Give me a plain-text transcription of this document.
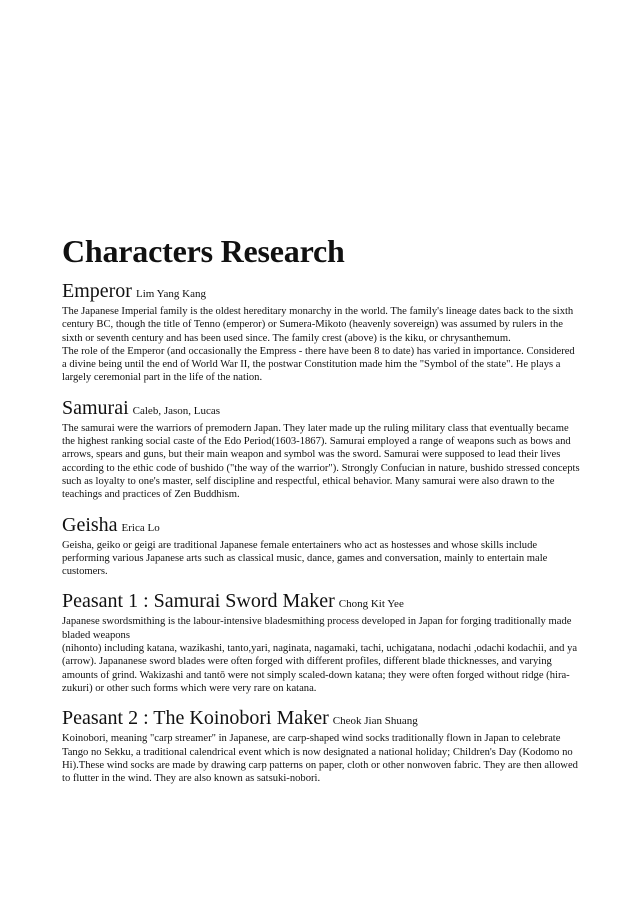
Characters Research

Emperor Lim Yang Kang

The Japanese Imperial family is the oldest hereditary monarchy in the world. The family's lineage dates back to the sixth century BC, though the title of Tenno (emperor) or Sumera-Mikoto (heavenly sovereign) was assumed by rulers in the sixth or seventh century and has been used since. The family crest (above) is the kiku, or chrysanthemum.

The role of the Emperor (and occasionally the Empress - there have been 8 to date) has varied in importance. Considered a divine being until the end of World War II, the postwar Constitution made him the "Symbol of the state". He plays a largely ceremonial part in the life of the nation.

Samurai Caleb, Jason, Lucas

The samurai were the warriors of premodern Japan. They later made up the ruling military class that eventually became the highest ranking social caste of the Edo Period(1603-1867). Samurai employed a range of weapons such as bows and arrows, spears and guns, but their main weapon and symbol was the sword. Samurai were supposed to lead their lives according to the ethic code of bushido ("the way of the warrior"). Strongly Confucian in nature, bushido stressed concepts such as loyalty to one's master, self discipline and respectful, ethical behavior. Many samurai were also drawn to the teachings and practices of Zen Buddhism.

Geisha Erica Lo

Geisha, geiko or geigi are traditional Japanese female entertainers who act as hostesses and whose skills include performing various Japanese arts such as classical music, dance, games and conversation, mainly to entertain male customers.

Peasant 1 : Samurai Sword Maker Chong Kit Yee

Japanese swordsmithing is the labour-intensive bladesmithing process developed in Japan for forging traditionally made bladed weapons

(nihonto) including katana, wazikashi, tanto,yari, naginata, nagamaki, tachi, uchigatana, nodachi ,odachi kodachii, and ya (arrow). Japananese sword blades were often forged with different profiles, different blade thicknesses, and varying amounts of grind. Wakizashi and tantō were not simply scaled-down katana; they were often forged without ridge (hira-zukuri) or other such forms which were very rare on katana.

Peasant 2 : The Koinobori Maker Cheok Jian Shuang

Koinobori, meaning "carp streamer" in Japanese, are carp-shaped wind socks traditionally flown in Japan to celebrate Tango no Sekku, a traditional calendrical event which is now designated a national holiday; Children's Day (Kodomo no Hi).These wind socks are made by drawing carp patterns on paper, cloth or other nonwoven fabric. They are then allowed to flutter in the wind. They are also known as satsuki-nobori.
